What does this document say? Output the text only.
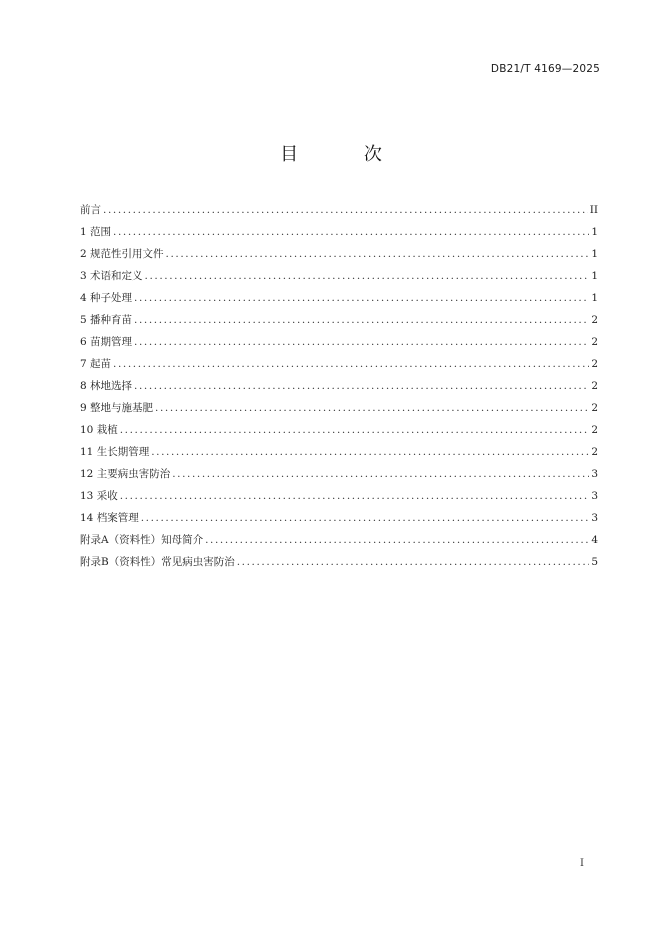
DB21/T 4169—2025
目 次
前言 .....	II
1 范围 .....	1
2 规范性引用文件 .....	1
3 术语和定义 .....	1
4 种子处理 .....	1
5 播种育苗 .....	2
6 苗期管理 .....	2
7 起苗 .....	2
8 林地选择 .....	2
9 整地与施基肥 .....	2
10 栽植 .....	2
11 生长期管理 .....	2
12 主要病虫害防治 .....	3
13 采收 .....	3
14 档案管理 .....	3
附录A（资料性）知母简介 .....	4
附录B（资料性）常见病虫害防治 .....	5
I
